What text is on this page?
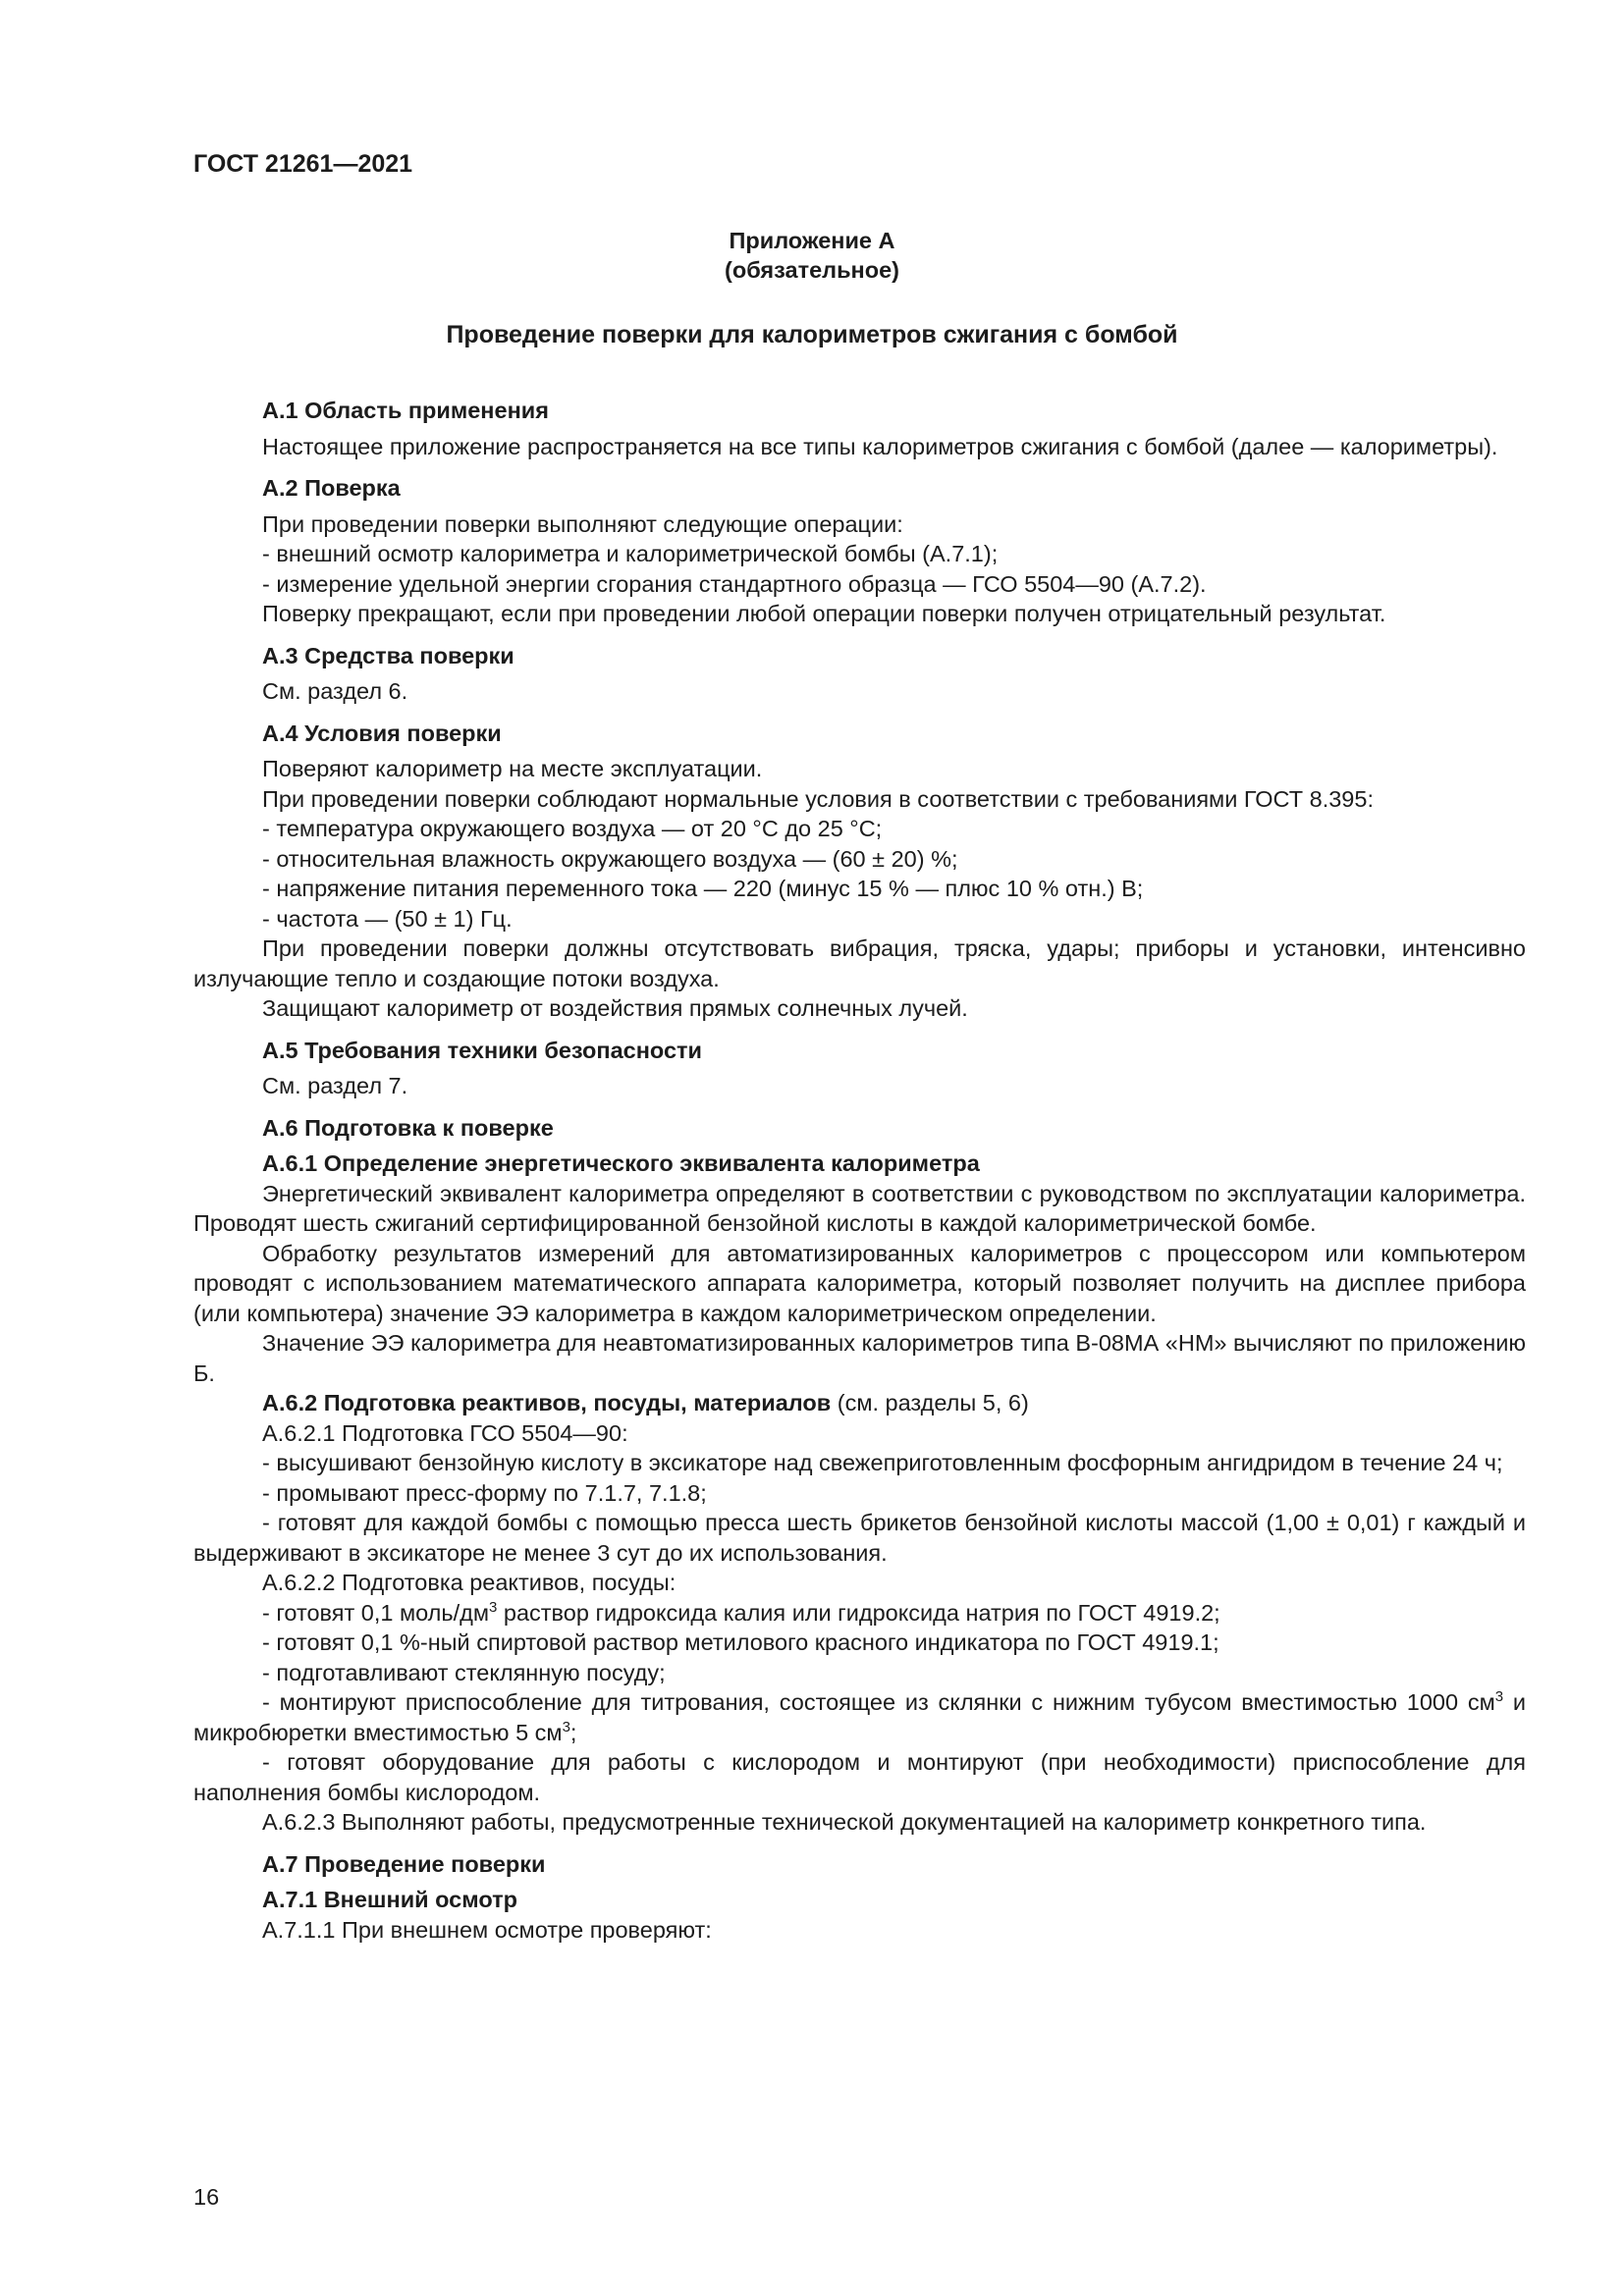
ГОСТ 21261—2021
Приложение А
(обязательное)
Проведение поверки для калориметров сжигания с бомбой
А.1 Область применения
Настоящее приложение распространяется на все типы калориметров сжигания с бомбой (далее — калориметры).
А.2 Поверка
При проведении поверки выполняют следующие операции:
- внешний осмотр калориметра и калориметрической бомбы (А.7.1);
- измерение удельной энергии сгорания стандартного образца — ГСО 5504—90 (А.7.2).
Поверку прекращают, если при проведении любой операции поверки получен отрицательный результат.
А.3 Средства поверки
См. раздел 6.
А.4 Условия поверки
Поверяют калориметр на месте эксплуатации.
При проведении поверки соблюдают нормальные условия в соответствии с требованиями ГОСТ 8.395:
- температура окружающего воздуха — от 20 °С до 25 °С;
- относительная влажность окружающего воздуха — (60 ± 20) %;
- напряжение питания переменного тока — 220 (минус 15 % — плюс 10 % отн.) В;
- частота — (50 ± 1) Гц.
При проведении поверки должны отсутствовать вибрация, тряска, удары; приборы и установки, интенсивно излучающие тепло и создающие потоки воздуха.
Защищают калориметр от воздействия прямых солнечных лучей.
А.5 Требования техники безопасности
См. раздел 7.
А.6 Подготовка к поверке
А.6.1 Определение энергетического эквивалента калориметра
Энергетический эквивалент калориметра определяют в соответствии с руководством по эксплуатации калориметра. Проводят шесть сжиганий сертифицированной бензойной кислоты в каждой калориметрической бомбе.
Обработку результатов измерений для автоматизированных калориметров с процессором или компьютером проводят с использованием математического аппарата калориметра, который позволяет получить на дисплее прибора (или компьютера) значение ЭЭ калориметра в каждом калориметрическом определении.
Значение ЭЭ калориметра для неавтоматизированных калориметров типа В-08МА «НМ» вычисляют по приложению Б.
А.6.2 Подготовка реактивов, посуды, материалов (см. разделы 5, 6)
А.6.2.1 Подготовка ГСО 5504—90:
- высушивают бензойную кислоту в эксикаторе над свежеприготовленным фосфорным ангидридом в течение 24 ч;
- промывают пресс-форму по 7.1.7, 7.1.8;
- готовят для каждой бомбы с помощью пресса шесть брикетов бензойной кислоты массой (1,00 ± 0,01) г каждый и выдерживают в эксикаторе не менее 3 сут до их использования.
А.6.2.2 Подготовка реактивов, посуды:
- готовят 0,1 моль/$дм^3$ раствор гидроксида калия или гидроксида натрия по ГОСТ 4919.2;
- готовят 0,1 %-ный спиртовой раствор метилового красного индикатора по ГОСТ 4919.1;
- подготавливают стеклянную посуду;
- монтируют приспособление для титрования, состоящее из склянки с нижним тубусом вместимостью 1000 $см^3$ и микробюретки вместимостью 5 $см^3$;
- готовят оборудование для работы с кислородом и монтируют (при необходимости) приспособление для наполнения бомбы кислородом.
А.6.2.3 Выполняют работы, предусмотренные технической документацией на калориметр конкретного типа.
А.7 Проведение поверки
А.7.1 Внешний осмотр
А.7.1.1 При внешнем осмотре проверяют:
16
